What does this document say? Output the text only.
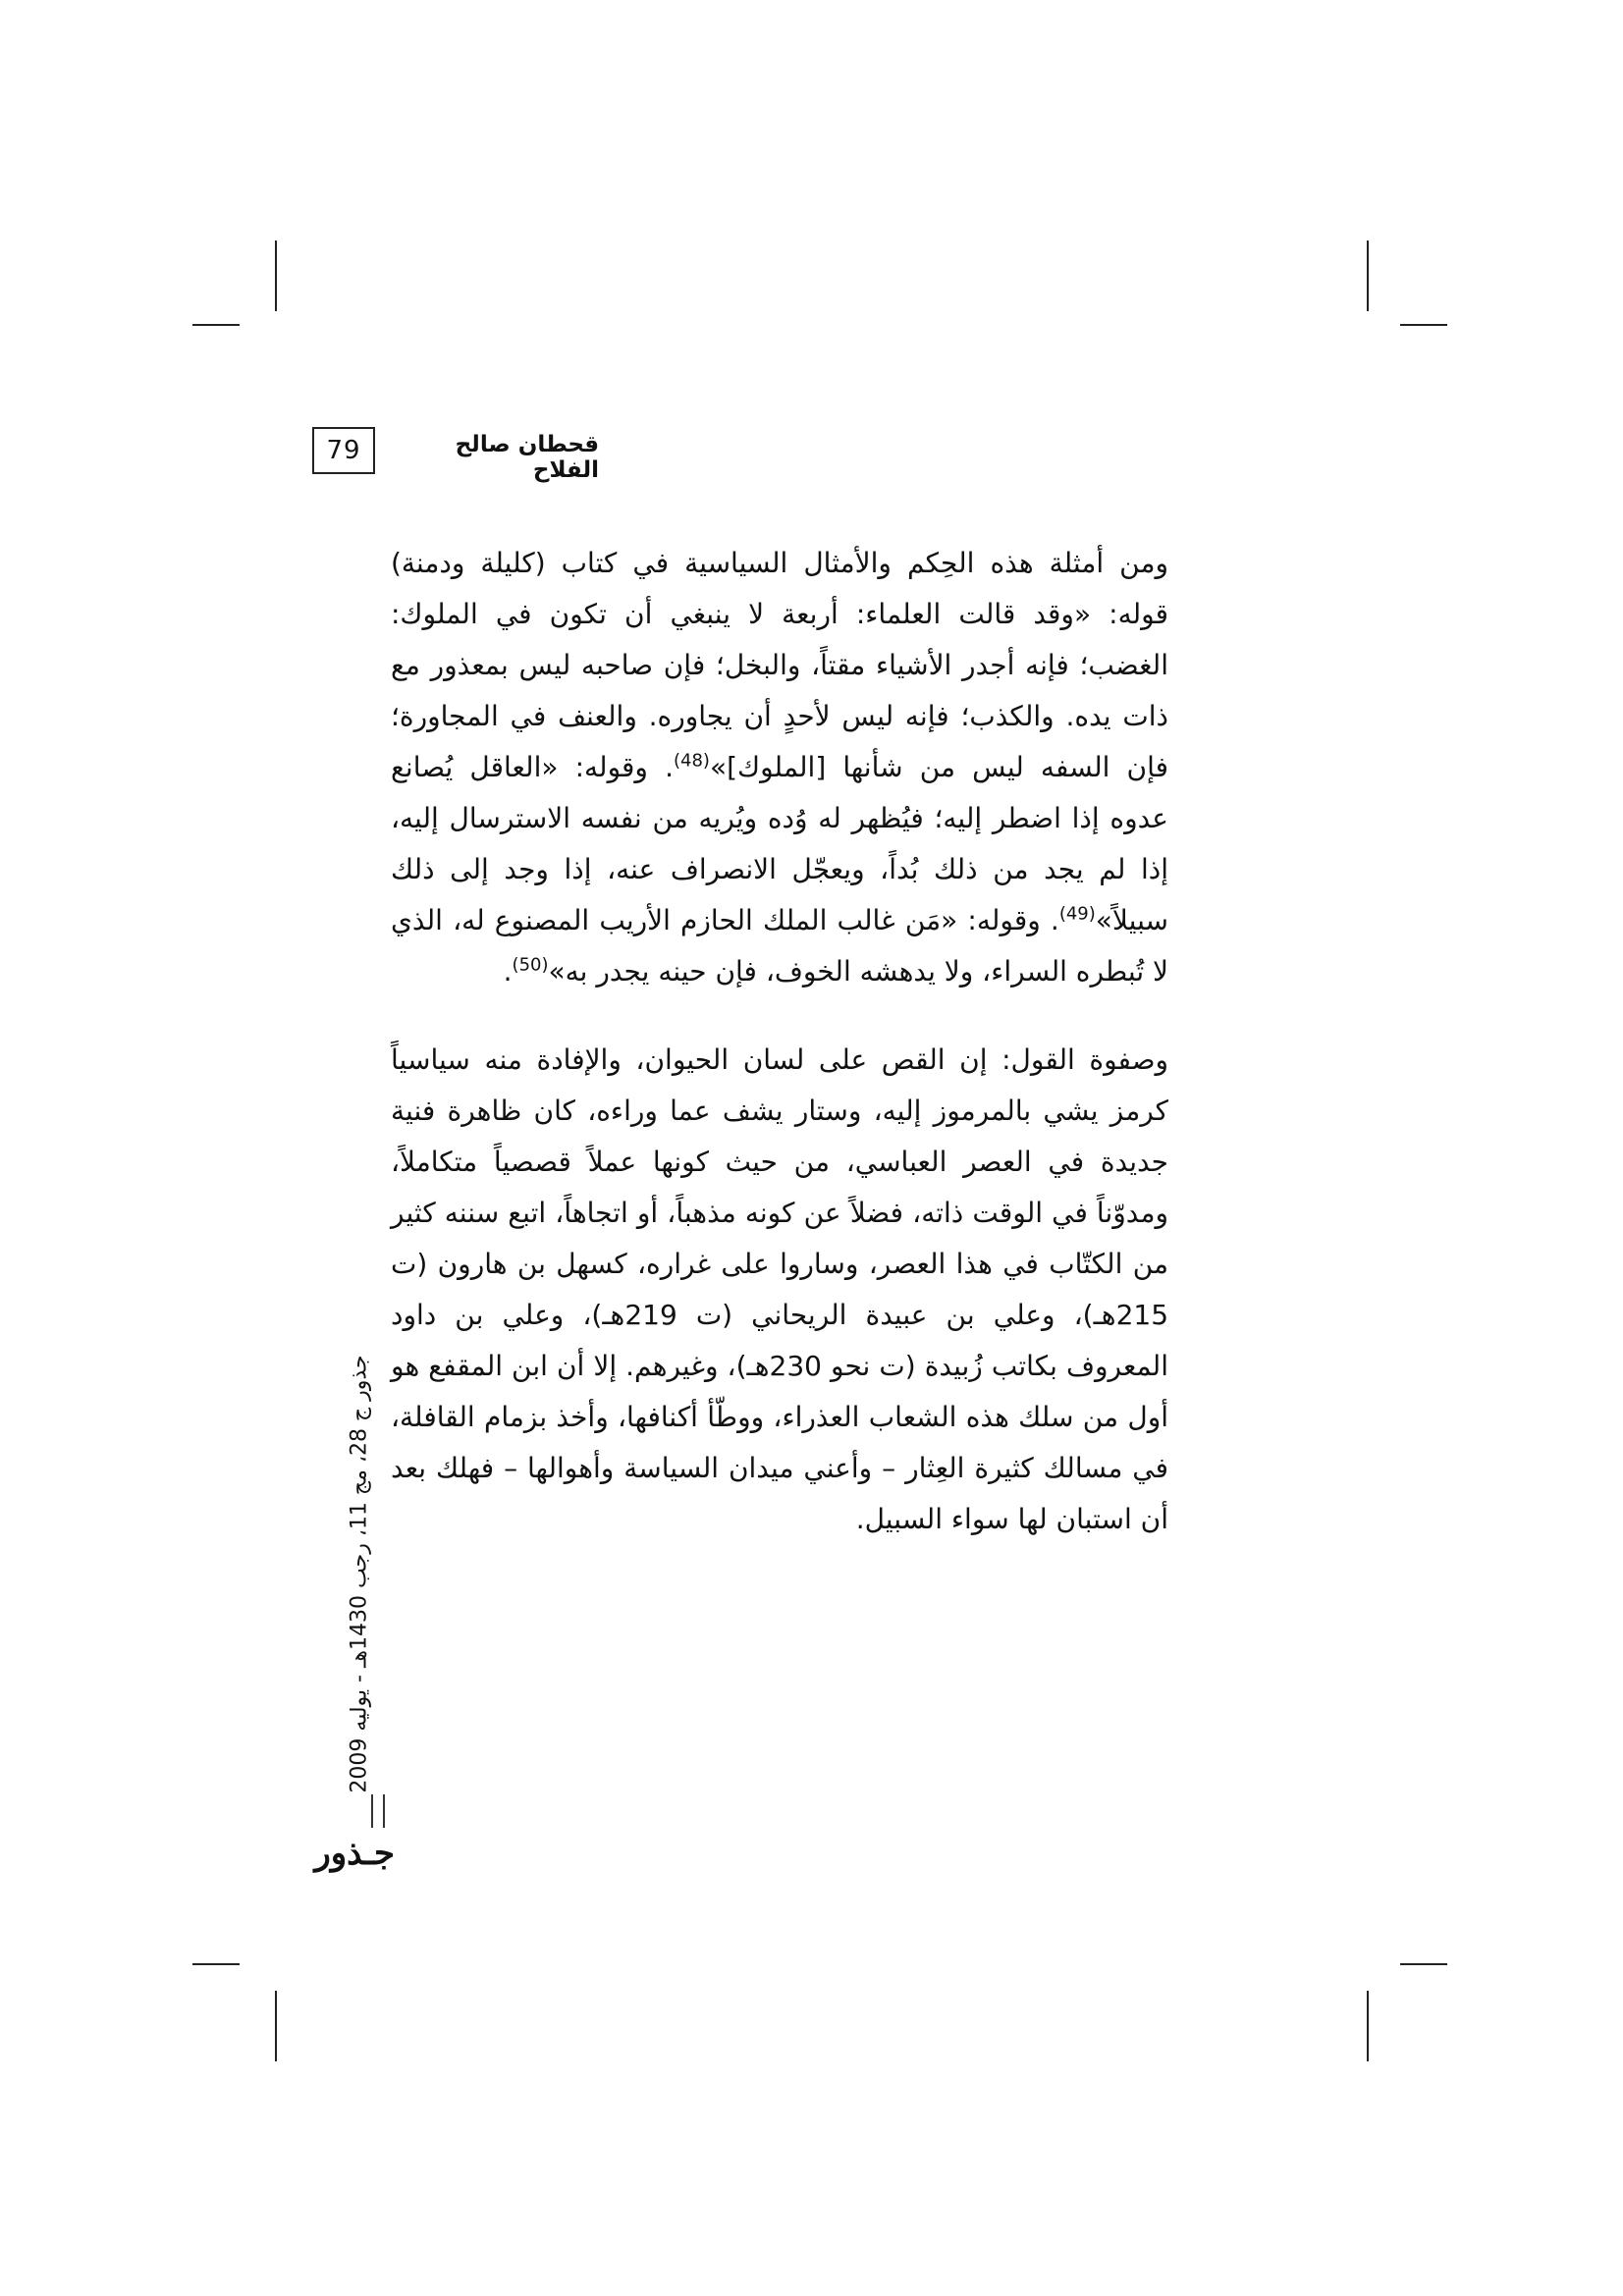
79	قحطان صالح الفلاح

ومن أمثلة هذه الحِكم والأمثال السياسية في كتاب (كليلة ودمنة) قوله: «وقد قالت العلماء: أربعة لا ينبغي أن تكون في الملوك: الغضب؛ فإنه أجدر الأشياء مقتاً، والبخل؛ فإن صاحبه ليس بمعذور مع ذات يده. والكذب؛ فإنه ليس لأحدٍ أن يجاوره. والعنف في المجاورة؛ فإن السفه ليس من شأنها [الملوك]»$^{(48)}$. وقوله: «العاقل يُصانع عدوه إذا اضطر إليه؛ فيُظهر له وُده ويُريه من نفسه الاسترسال إليه، إذا لم يجد من ذلك بُداً، ويعجّل الانصراف عنه، إذا وجد إلى ذلك سبيلاً»$^{(49)}$. وقوله: «مَن غالب الملك الحازم الأريب المصنوع له، الذي لا تُبطره السراء، ولا يدهشه الخوف، فإن حينه يجدر به»$^{(50)}$.

وصفوة القول: إن القص على لسان الحيوان، والإفادة منه سياسياً كرمز يشي بالمرموز إليه، وستار يشف عما وراءه، كان ظاهرة فنية جديدة في العصر العباسي، من حيث كونها عملاً قصصياً متكاملاً، ومدوّناً في الوقت ذاته، فضلاً عن كونه مذهباً، أو اتجاهاً، اتبع سننه كثير من الكتّاب في هذا العصر، وساروا على غراره، كسهل بن هارون (ت 215هـ)، وعلي بن عبيدة الريحاني (ت 219هـ)، وعلي بن داود المعروف بكاتب زُبيدة (ت نحو 230هـ)، وغيرهم. إلا أن ابن المقفع هو أول من سلك هذه الشعاب العذراء، ووطّأ أكنافها، وأخذ بزمام القافلة، في مسالك كثيرة العِثار – وأعني ميدان السياسة وأهوالها – فهلك بعد أن استبان لها سواء السبيل.

جذور ج 28، مج 11، رجب 1430هـ - يوليه 2009
جـذور
